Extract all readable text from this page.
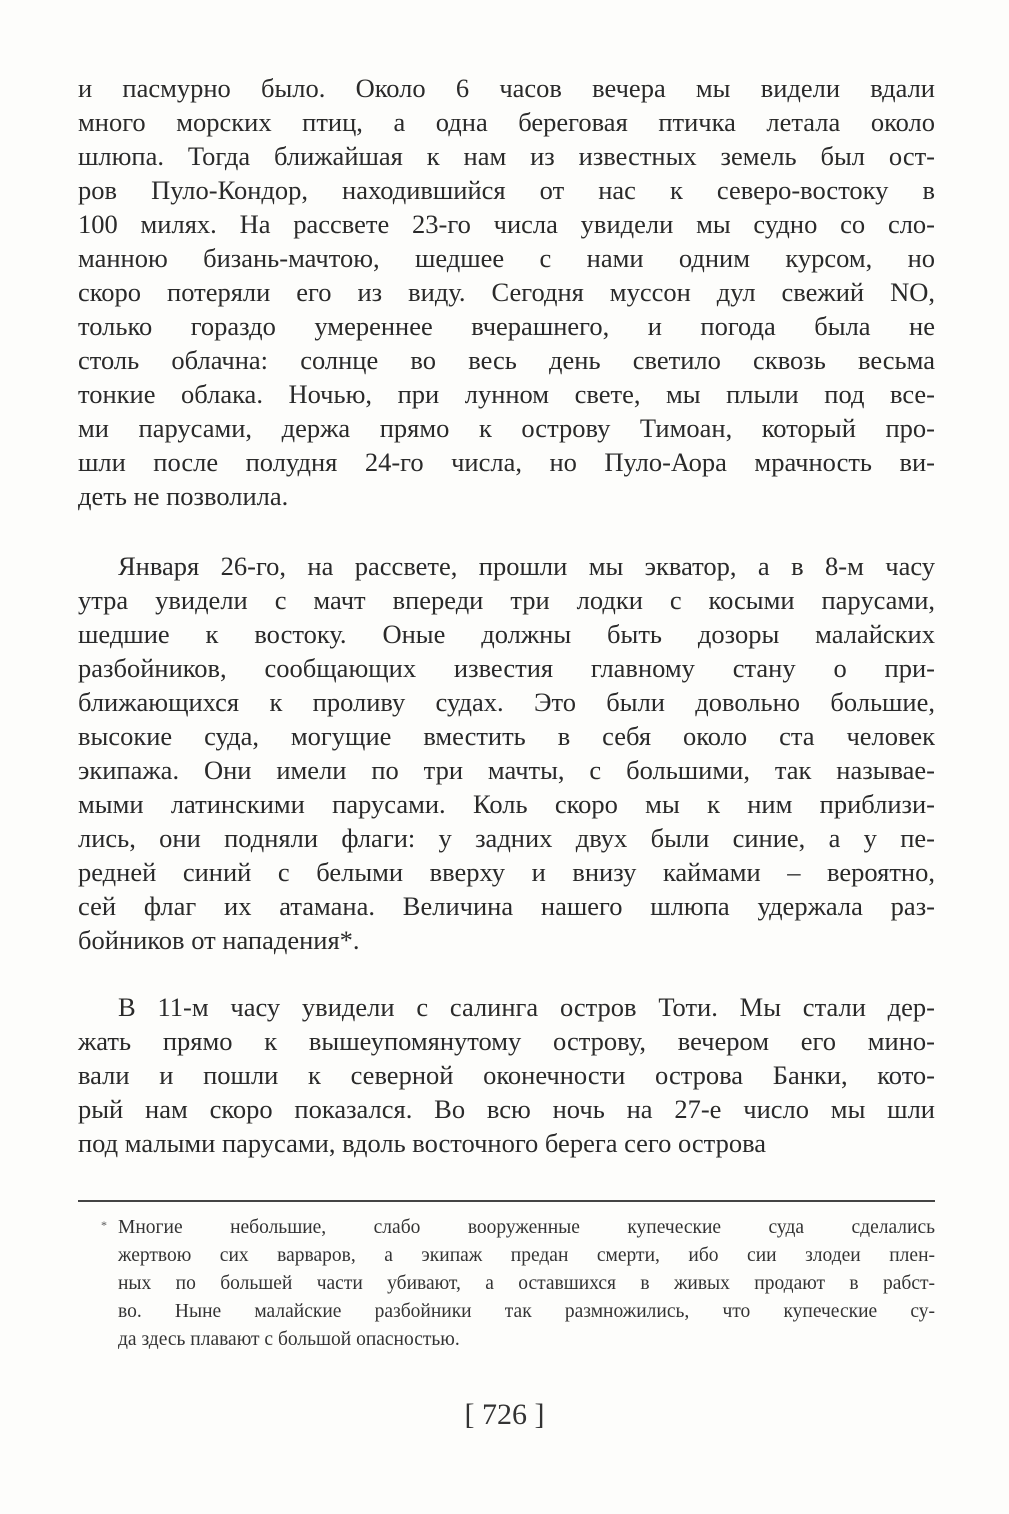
и пасмурно было. Около 6 часов вечера мы видели вдали
много морских птиц, а одна береговая птичка летала около
шлюпа. Тогда ближайшая к нам из известных земель был ост-
ров Пуло-Кондор, находившийся от нас к северо-востоку в
100 милях. На рассвете 23-го числа увидели мы судно со сло-
манною бизань-мачтою, шедшее с нами одним курсом, но
скоро потеряли его из виду. Сегодня муссон дул свежий NO,
только гораздо умереннее вчерашнего, и погода была не
столь облачна: солнце во весь день светило сквозь весьма
тонкие облака. Ночью, при лунном свете, мы плыли под все-
ми парусами, держа прямо к острову Тимоан, который про-
шли после полудня 24-го числа, но Пуло-Аора мрачность ви-
деть не позволила.
Января 26-го, на рассвете, прошли мы экватор, а в 8-м часу
утра увидели с мачт впереди три лодки с косыми парусами,
шедшие к востоку. Оные должны быть дозоры малайских
разбойников, сообщающих известия главному стану о при-
ближающихся к проливу судах. Это были довольно большие,
высокие суда, могущие вместить в себя около ста человек
экипажа. Они имели по три мачты, с большими, так называе-
мыми латинскими парусами. Коль скоро мы к ним приблизи-
лись, они подняли флаги: у задних двух были синие, а у пе-
редней синий с белыми вверху и внизу каймами – вероятно,
сей флаг их атамана. Величина нашего шлюпа удержала раз-
бойников от нападения*.
В 11-м часу увидели с салинга остров Тоти. Мы стали дер-
жать прямо к вышеупомянутому острову, вечером его мино-
вали и пошли к северной оконечности острова Банки, кото-
рый нам скоро показался. Во всю ночь на 27-е число мы шли
под малыми парусами, вдоль восточного берега сего острова
* Многие небольшие, слабо вооруженные купеческие суда сделались
жертвою сих варваров, а экипаж предан смерти, ибо сии злодеи плен-
ных по большей части убивают, а оставшихся в живых продают в рабст-
во. Ныне малайские разбойники так размножились, что купеческие су-
да здесь плавают с большой опасностью.
[ 726 ]
